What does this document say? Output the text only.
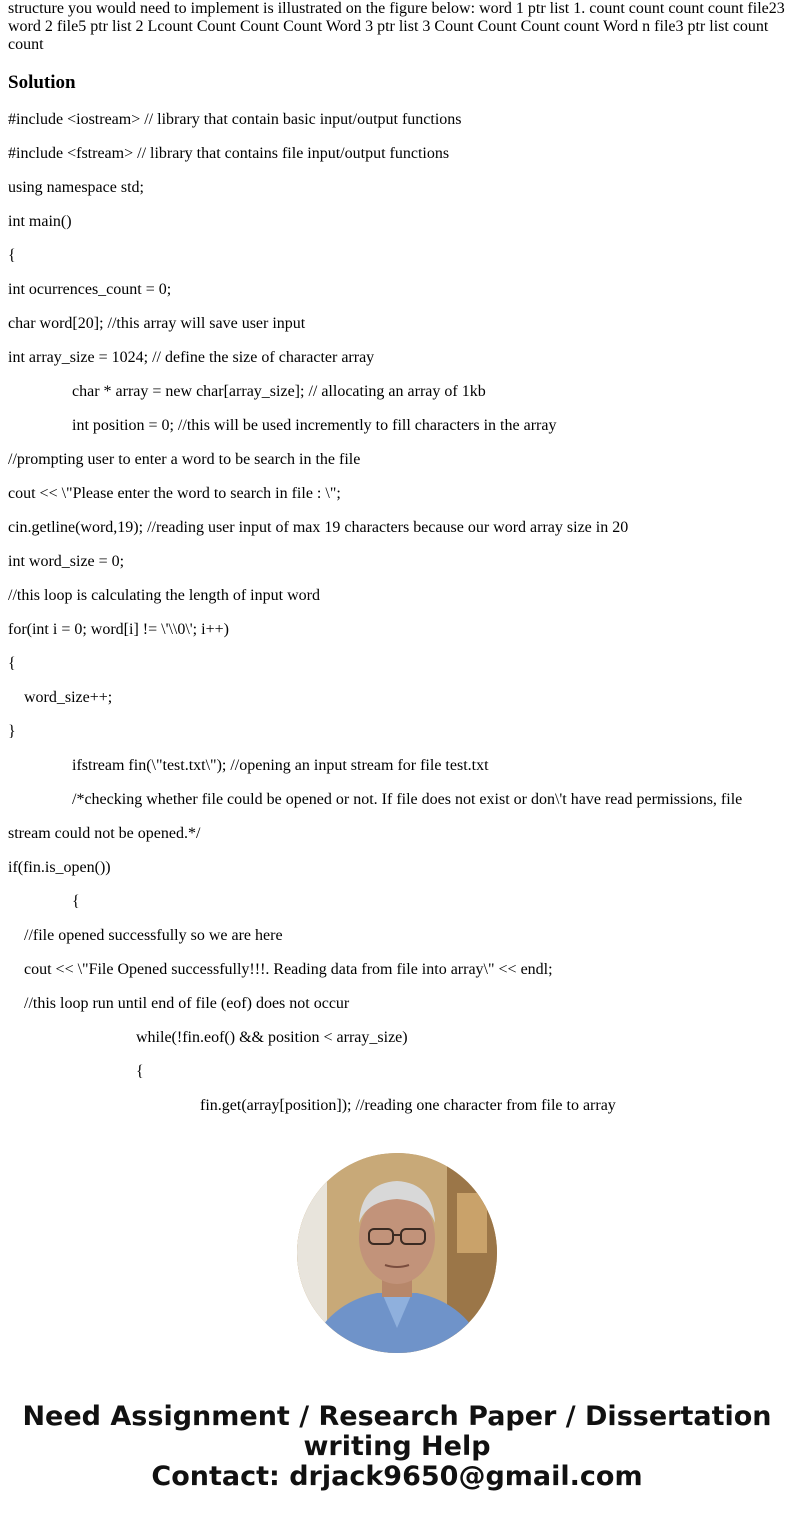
structure you would need to implement is illustrated on the figure below: word 1 ptr list 1. count count count count file23 word 2 file5 ptr list 2 Lcount Count Count Count Word 3 ptr list 3 Count Count Count count Word n file3 ptr list count count

Solution

#include <iostream> // library that contain basic input/output functions

#include <fstream> // library that contains file input/output functions

using namespace std;

int main()

{

int ocurrences_count = 0;

char word[20]; //this array will save user input

int array_size = 1024; // define the size of character array

char * array = new char[array_size]; // allocating an array of 1kb

int position = 0; //this will be used incremently to fill characters in the array

//prompting user to enter a word to be search in the file

cout << \"Please enter the word to search in file : \";

cin.getline(word,19); //reading user input of max 19 characters because our word array size in 20

int word_size = 0;

//this loop is calculating the length of input word

for(int i = 0; word[i] != \'\\0\'; i++)

{

word_size++;

}

ifstream fin(\"test.txt\"); //opening an input stream for file test.txt

/*checking whether file could be opened or not. If file does not exist or don\'t have read permissions, file

stream could not be opened.*/

if(fin.is_open())

{

//file opened successfully so we are here

cout << \"File Opened successfully!!!. Reading data from file into array\" << endl;

//this loop run until end of file (eof) does not occur

while(!fin.eof() && position < array_size)

{

fin.get(array[position]); //reading one character from file to array

Need Assignment / Research Paper / Dissertation
writing Help
Contact: drjack9650@gmail.com
